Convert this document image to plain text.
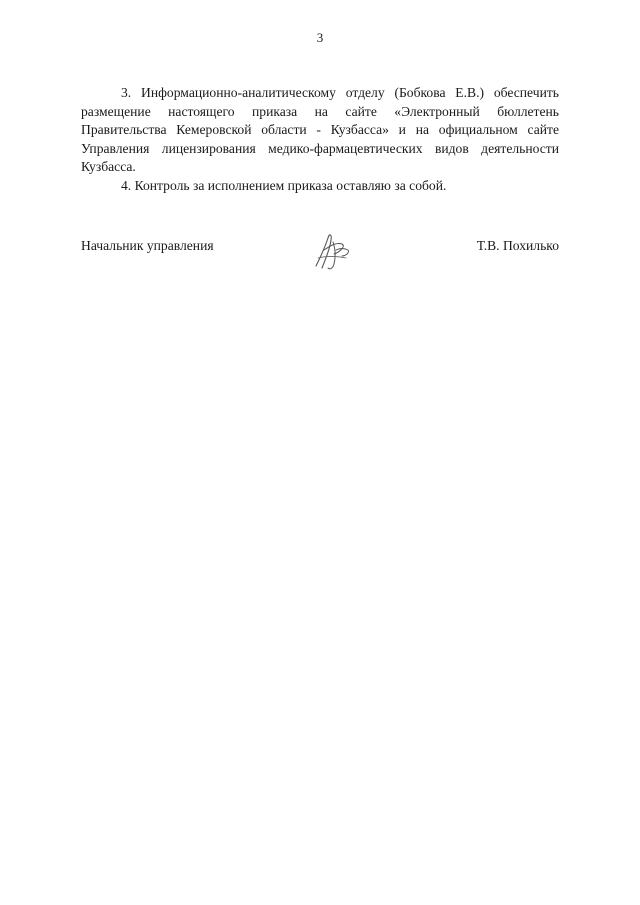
3

3. Информационно-аналитическому отделу (Бобкова Е.В.) обеспечить размещение настоящего приказа на сайте «Электронный бюллетень Правительства Кемеровской области - Кузбасса» и на официальном сайте Управления лицензирования медико-фармацевтических видов деятельности Кузбасса.

4. Контроль за исполнением приказа оставляю за собой.

Начальник управления	Т.В. Похилько
